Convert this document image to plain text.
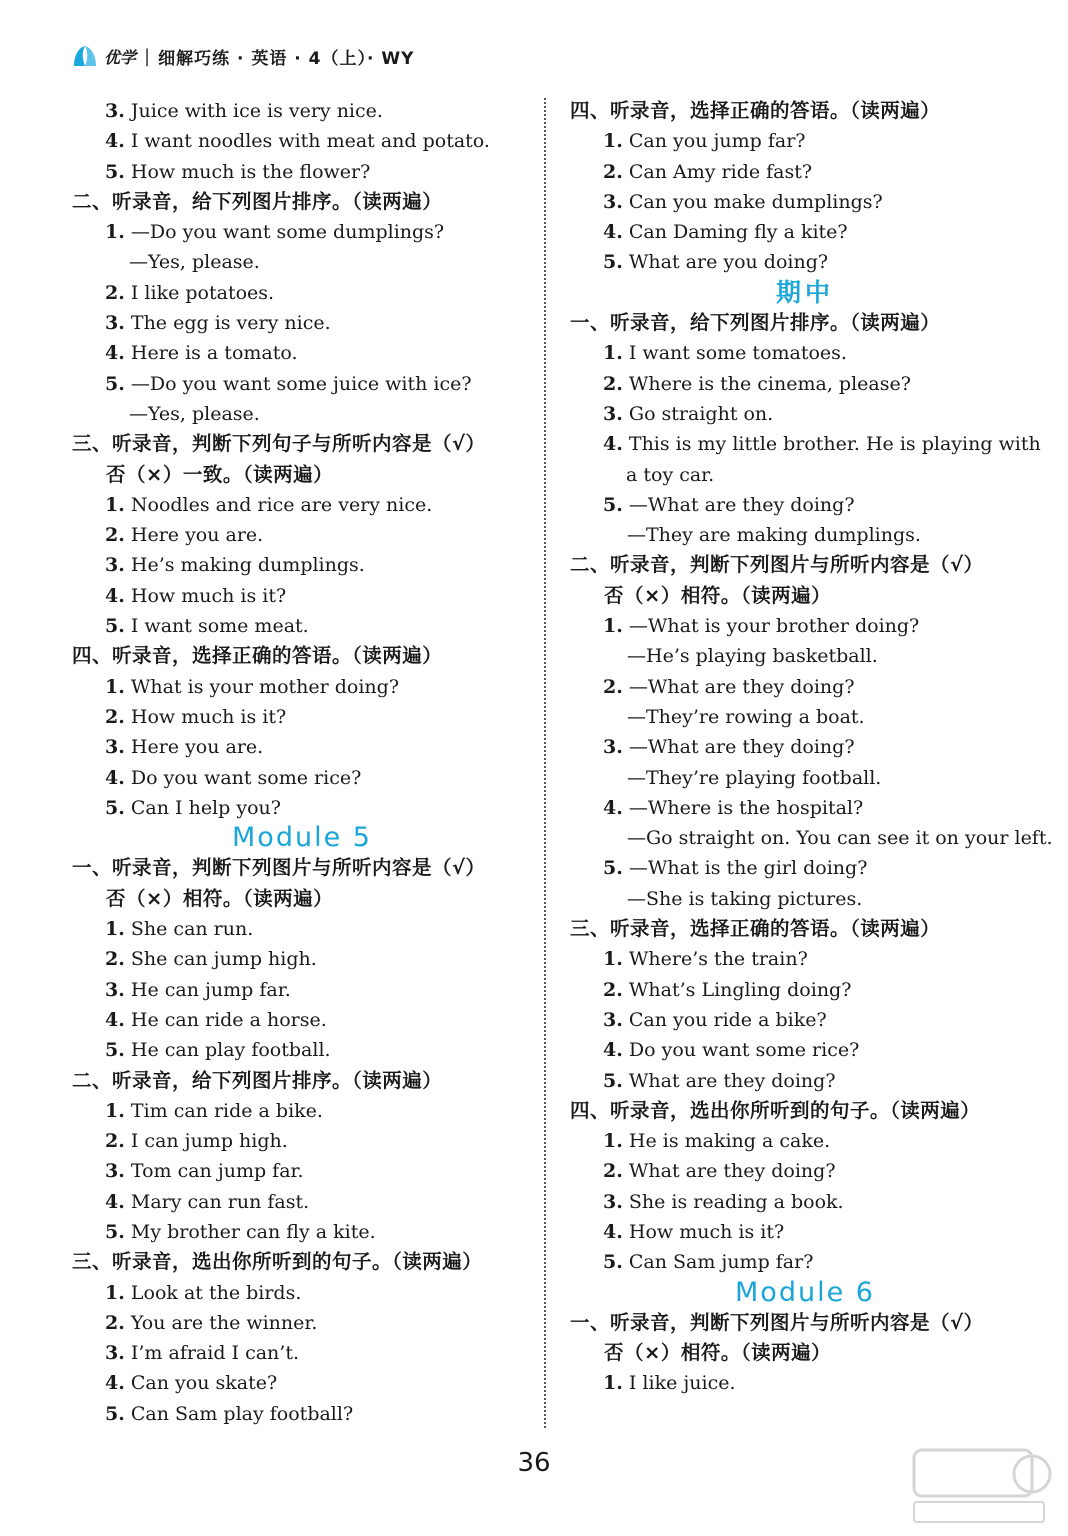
优学 | 细解巧练 · 英语 · 4（上）· WY
3. Juice with ice is very nice.
4. I want noodles with meat and potato.
5. How much is the flower?
二、听录音，给下列图片排序。（读两遍）
1. —Do you want some dumplings?
—Yes, please.
2. I like potatoes.
3. The egg is very nice.
4. Here is a tomato.
5. —Do you want some juice with ice?
—Yes, please.
三、听录音，判断下列句子与所听内容是（√）
否（×）一致。（读两遍）
1. Noodles and rice are very nice.
2. Here you are.
3. He’s making dumplings.
4. How much is it?
5. I want some meat.
四、听录音，选择正确的答语。（读两遍）
1. What is your mother doing?
2. How much is it?
3. Here you are.
4. Do you want some rice?
5. Can I help you?
Module 5
一、听录音，判断下列图片与所听内容是（√）
否（×）相符。（读两遍）
1. She can run.
2. She can jump high.
3. He can jump far.
4. He can ride a horse.
5. He can play football.
二、听录音，给下列图片排序。（读两遍）
1. Tim can ride a bike.
2. I can jump high.
3. Tom can jump far.
4. Mary can run fast.
5. My brother can fly a kite.
三、听录音，选出你所听到的句子。（读两遍）
1. Look at the birds.
2. You are the winner.
3. I’m afraid I can’t.
4. Can you skate?
5. Can Sam play football?
四、听录音，选择正确的答语。（读两遍）
1. Can you jump far?
2. Can Amy ride fast?
3. Can you make dumplings?
4. Can Daming fly a kite?
5. What are you doing?
期中
一、听录音，给下列图片排序。（读两遍）
1. I want some tomatoes.
2. Where is the cinema, please?
3. Go straight on.
4. This is my little brother. He is playing with
a toy car.
5. —What are they doing?
—They are making dumplings.
二、听录音，判断下列图片与所听内容是（√）
否（×）相符。（读两遍）
1. —What is your brother doing?
—He’s playing basketball.
2. —What are they doing?
—They’re rowing a boat.
3. —What are they doing?
—They’re playing football.
4. —Where is the hospital?
—Go straight on. You can see it on your left.
5. —What is the girl doing?
—She is taking pictures.
三、听录音，选择正确的答语。（读两遍）
1. Where’s the train?
2. What’s Lingling doing?
3. Can you ride a bike?
4. Do you want some rice?
5. What are they doing?
四、听录音，选出你所听到的句子。（读两遍）
1. He is making a cake.
2. What are they doing?
3. She is reading a book.
4. How much is it?
5. Can Sam jump far?
Module 6
一、听录音，判断下列图片与所听内容是（√）
否（×）相符。（读两遍）
1. I like juice.
36
